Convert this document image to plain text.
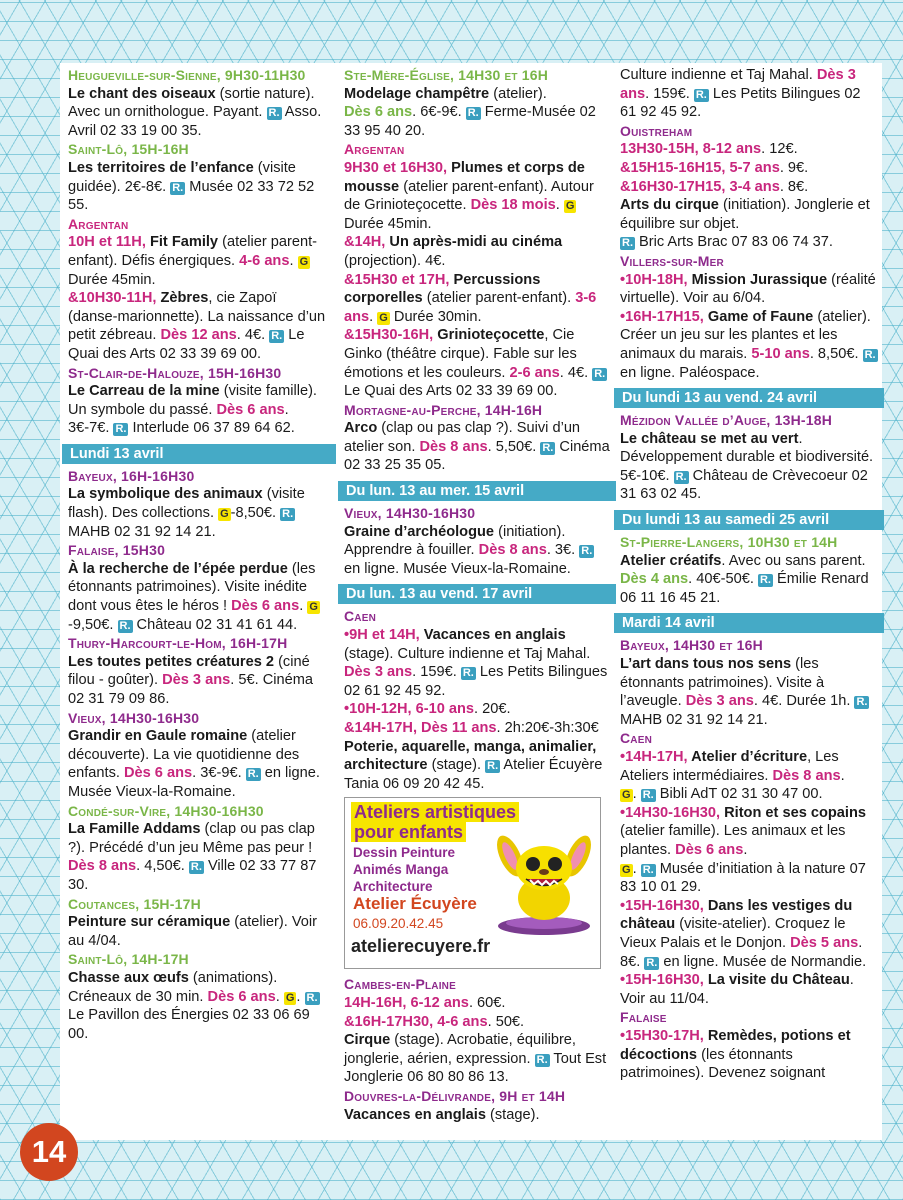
Heugueville-sur-Sienne, 9H30-11H30
Le chant des oiseaux (sortie nature). Avec un ornithologue. Payant. R. Asso. Avril 02 33 19 00 35.
Saint-Lô, 15H-16H
Les territoires de l’enfance (visite guidée). 2€-8€. R. Musée 02 33 72 52 55.
Argentan
10H et 11H, Fit Family (atelier parent-enfant). Défis énergiques. 4-6 ans. G Durée 45min.
&10H30-11H, Zèbres, cie Zapoï (danse-marionnette). La naissance d’un petit zébreau. Dès 12 ans. 4€. R. Le Quai des Arts 02 33 39 69 00.
St-Clair-de-Halouze, 15H-16H30
Le Carreau de la mine (visite famille). Un symbole du passé. Dès 6 ans. 3€-7€. R. Interlude 06 37 89 64 62.
Lundi 13 avril
Bayeux, 16H-16H30
La symbolique des animaux (visite flash). Des collections. G -8,50€. R. MAHB 02 31 92 14 21.
Falaise, 15H30
À la recherche de l’épée perdue (les étonnants patrimoines). Visite inédite dont vous êtes le héros ! Dès 6 ans. G-9,50€. R. Château 02 31 41 61 44.
Thury-Harcourt-le-Hom, 16H-17H
Les toutes petites créatures 2 (ciné filou - goûter). Dès 3 ans. 5€. Cinéma 02 31 79 09 86.
Vieux, 14H30-16H30
Grandir en Gaule romaine (atelier découverte). La vie quotidienne des enfants. Dès 6 ans. 3€-9€. R. en ligne. Musée Vieux-la-Romaine.
Condé-sur-Vire, 14H30-16H30
La Famille Addams (clap ou pas clap ?). Précédé d’un jeu Même pas peur ! Dès 8 ans. 4,50€. R. Ville 02 33 77 87 30.
Coutances, 15H-17H
Peinture sur céramique (atelier). Voir au 4/04.
Saint-Lô, 14H-17H
Chasse aux œufs (animations). Créneaux de 30 min. Dès 6 ans. G . R. Le Pavillon des Énergies 02 33 06 69 00.
Ste-Mère-Église, 14H30 et 16H
Modelage champêtre (atelier).
Dès 6 ans. 6€-9€. R. Ferme-Musée 02 33 95 40 20.
Argentan
9H30 et 16H30, Plumes et corps de mousse (atelier parent-enfant). Autour de Grinioteçocette. Dès 18 mois. G Durée 45min.
&14H, Un après-midi au cinéma (projection). 4€.
&15H30 et 17H, Percussions corporelles (atelier parent-enfant). 3-6 ans. G Durée 30min.
&15H30-16H, Grinioteçocette, Cie Ginko (théâtre cirque). Fable sur les émotions et les couleurs. 2-6 ans. 4€. R. Le Quai des Arts 02 33 39 69 00.
Mortagne-au-Perche, 14H-16H
Arco (clap ou pas clap ?). Suivi d’un atelier son. Dès 8 ans. 5,50€. R. Cinéma 02 33 25 35 05.
Du lun. 13 au mer. 15 avril
Vieux, 14H30-16H30
Graine d’archéologue (initiation). Apprendre à fouiller. Dès 8 ans. 3€. R. en ligne. Musée Vieux-la-Romaine.
Du lun. 13 au vend. 17 avril
Caen
•9H et 14H, Vacances en anglais (stage). Culture indienne et Taj Mahal. Dès 3 ans. 159€. R. Les Petits Bilingues 02 61 92 45 92.
•10H-12H, 6-10 ans. 20€.
&14H-17H, Dès 11 ans. 2h:20€-3h:30€ Poterie, aquarelle, manga, animalier, architecture (stage). R. Atelier Écuyère Tania 06 09 20 42 45.
Ateliers artistiques
pour enfants
Dessin Peinture
Animés Manga
Architecture
Atelier Écuyère
06.09.20.42.45
atelierecuyere.fr
Cambes-en-Plaine
14H-16H, 6-12 ans. 60€.
&16H-17H30, 4-6 ans. 50€.
Cirque (stage). Acrobatie, équilibre, jonglerie, aérien, expression. R. Tout Est Jonglerie 06 80 80 86 13.
Douvres-la-Délivrande, 9H et 14H
Vacances en anglais (stage).
Culture indienne et Taj Mahal. Dès 3 ans. 159€. R. Les Petits Bilingues 02 61 92 45 92.
Ouistreham
13H30-15H, 8-12 ans. 12€.
&15H15-16H15, 5-7 ans. 9€.
&16H30-17H15, 3-4 ans. 8€.
Arts du cirque (initiation). Jonglerie et équilibre sur objet.
R. Bric Arts Brac 07 83 06 74 37.
Villers-sur-Mer
•10H-18H, Mission Jurassique (réalité virtuelle). Voir au 6/04.
•16H-17H15, Game of Faune (atelier). Créer un jeu sur les plantes et les animaux du marais. 5-10 ans. 8,50€. R. en ligne. Paléospace.
Du lundi 13 au vend. 24 avril
Mézidon Vallée d’Auge, 13H-18H
Le château se met au vert. Développement durable et biodiversité. 5€-10€. R. Château de Crèvecoeur 02 31 63 02 45.
Du lundi 13 au samedi 25 avril
St-Pierre-Langers, 10H30 et 14H
Atelier créatifs. Avec ou sans parent. Dès 4 ans. 40€-50€. R. Émilie Renard 06 11 16 45 21.
Mardi 14 avril
Bayeux, 14H30 et 16H
L’art dans tous nos sens (les étonnants patrimoines). Visite à l’aveugle. Dès 3 ans. 4€. Durée 1h. R. MAHB 02 31 92 14 21.
Caen
•14H-17H, Atelier d’écriture, Les Ateliers intermédiaires. Dès 8 ans.
G . R. Bibli AdT 02 31 30 47 00.
•14H30-16H30, Riton et ses copains (atelier famille). Les animaux et les plantes. Dès 6 ans.
G . R. Musée d’initiation à la nature 07 83 10 01 29.
•15H-16H30, Dans les vestiges du château (visite-atelier). Croquez le Vieux Palais et le Donjon. Dès 5 ans. 8€. R. en ligne. Musée de Normandie.
•15H-16H30, La visite du Château. Voir au 11/04.
Falaise
•15H30-17H, Remèdes, potions et décoctions (les étonnants patrimoines). Devenez soignant
14
